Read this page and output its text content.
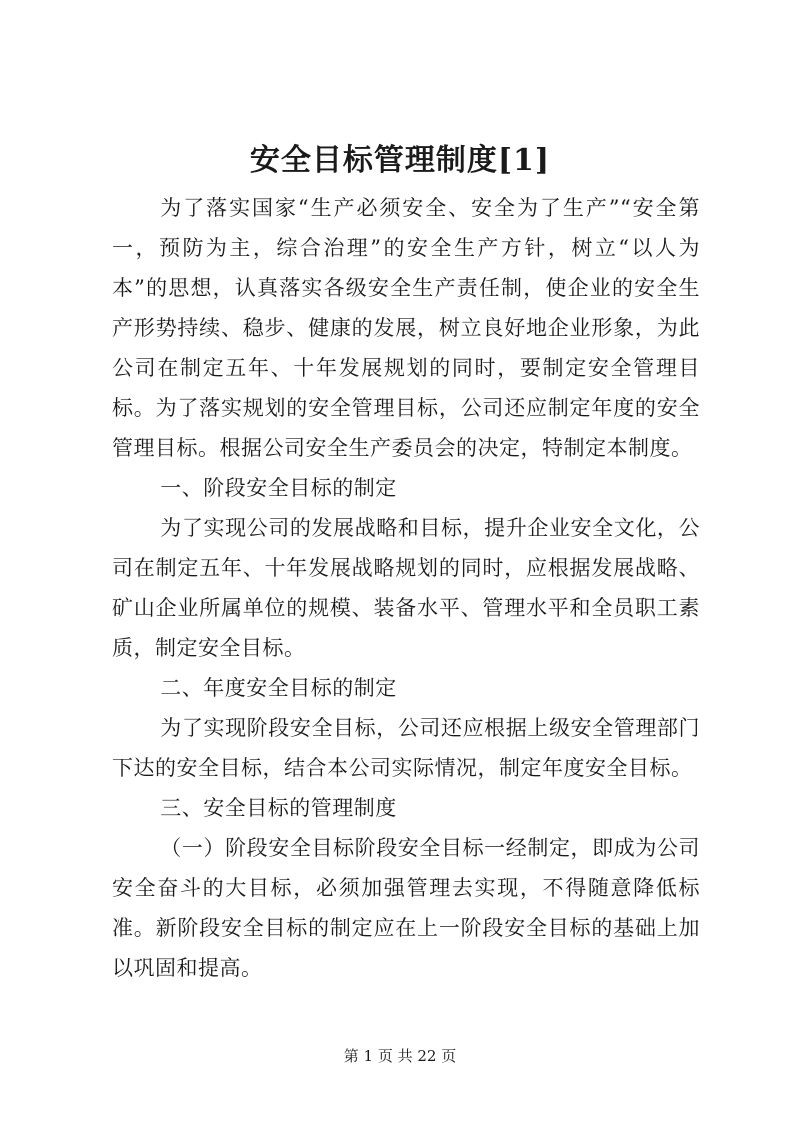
安全目标管理制度[1]

为了落实国家“生产必须安全、安全为了生产”“安全第一，预防为主，综合治理”的安全生产方针，树立“以人为本”的思想，认真落实各级安全生产责任制，使企业的安全生产形势持续、稳步、健康的发展，树立良好地企业形象，为此公司在制定五年、十年发展规划的同时，要制定安全管理目标。为了落实规划的安全管理目标，公司还应制定年度的安全管理目标。根据公司安全生产委员会的决定，特制定本制度。

一、阶段安全目标的制定

为了实现公司的发展战略和目标，提升企业安全文化，公司在制定五年、十年发展战略规划的同时，应根据发展战略、矿山企业所属单位的规模、装备水平、管理水平和全员职工素质，制定安全目标。

二、年度安全目标的制定

为了实现阶段安全目标，公司还应根据上级安全管理部门下达的安全目标，结合本公司实际情况，制定年度安全目标。

三、安全目标的管理制度

（一）阶段安全目标阶段安全目标一经制定，即成为公司安全奋斗的大目标，必须加强管理去实现，不得随意降低标准。新阶段安全目标的制定应在上一阶段安全目标的基础上加以巩固和提高。

第 1 页 共 22 页
